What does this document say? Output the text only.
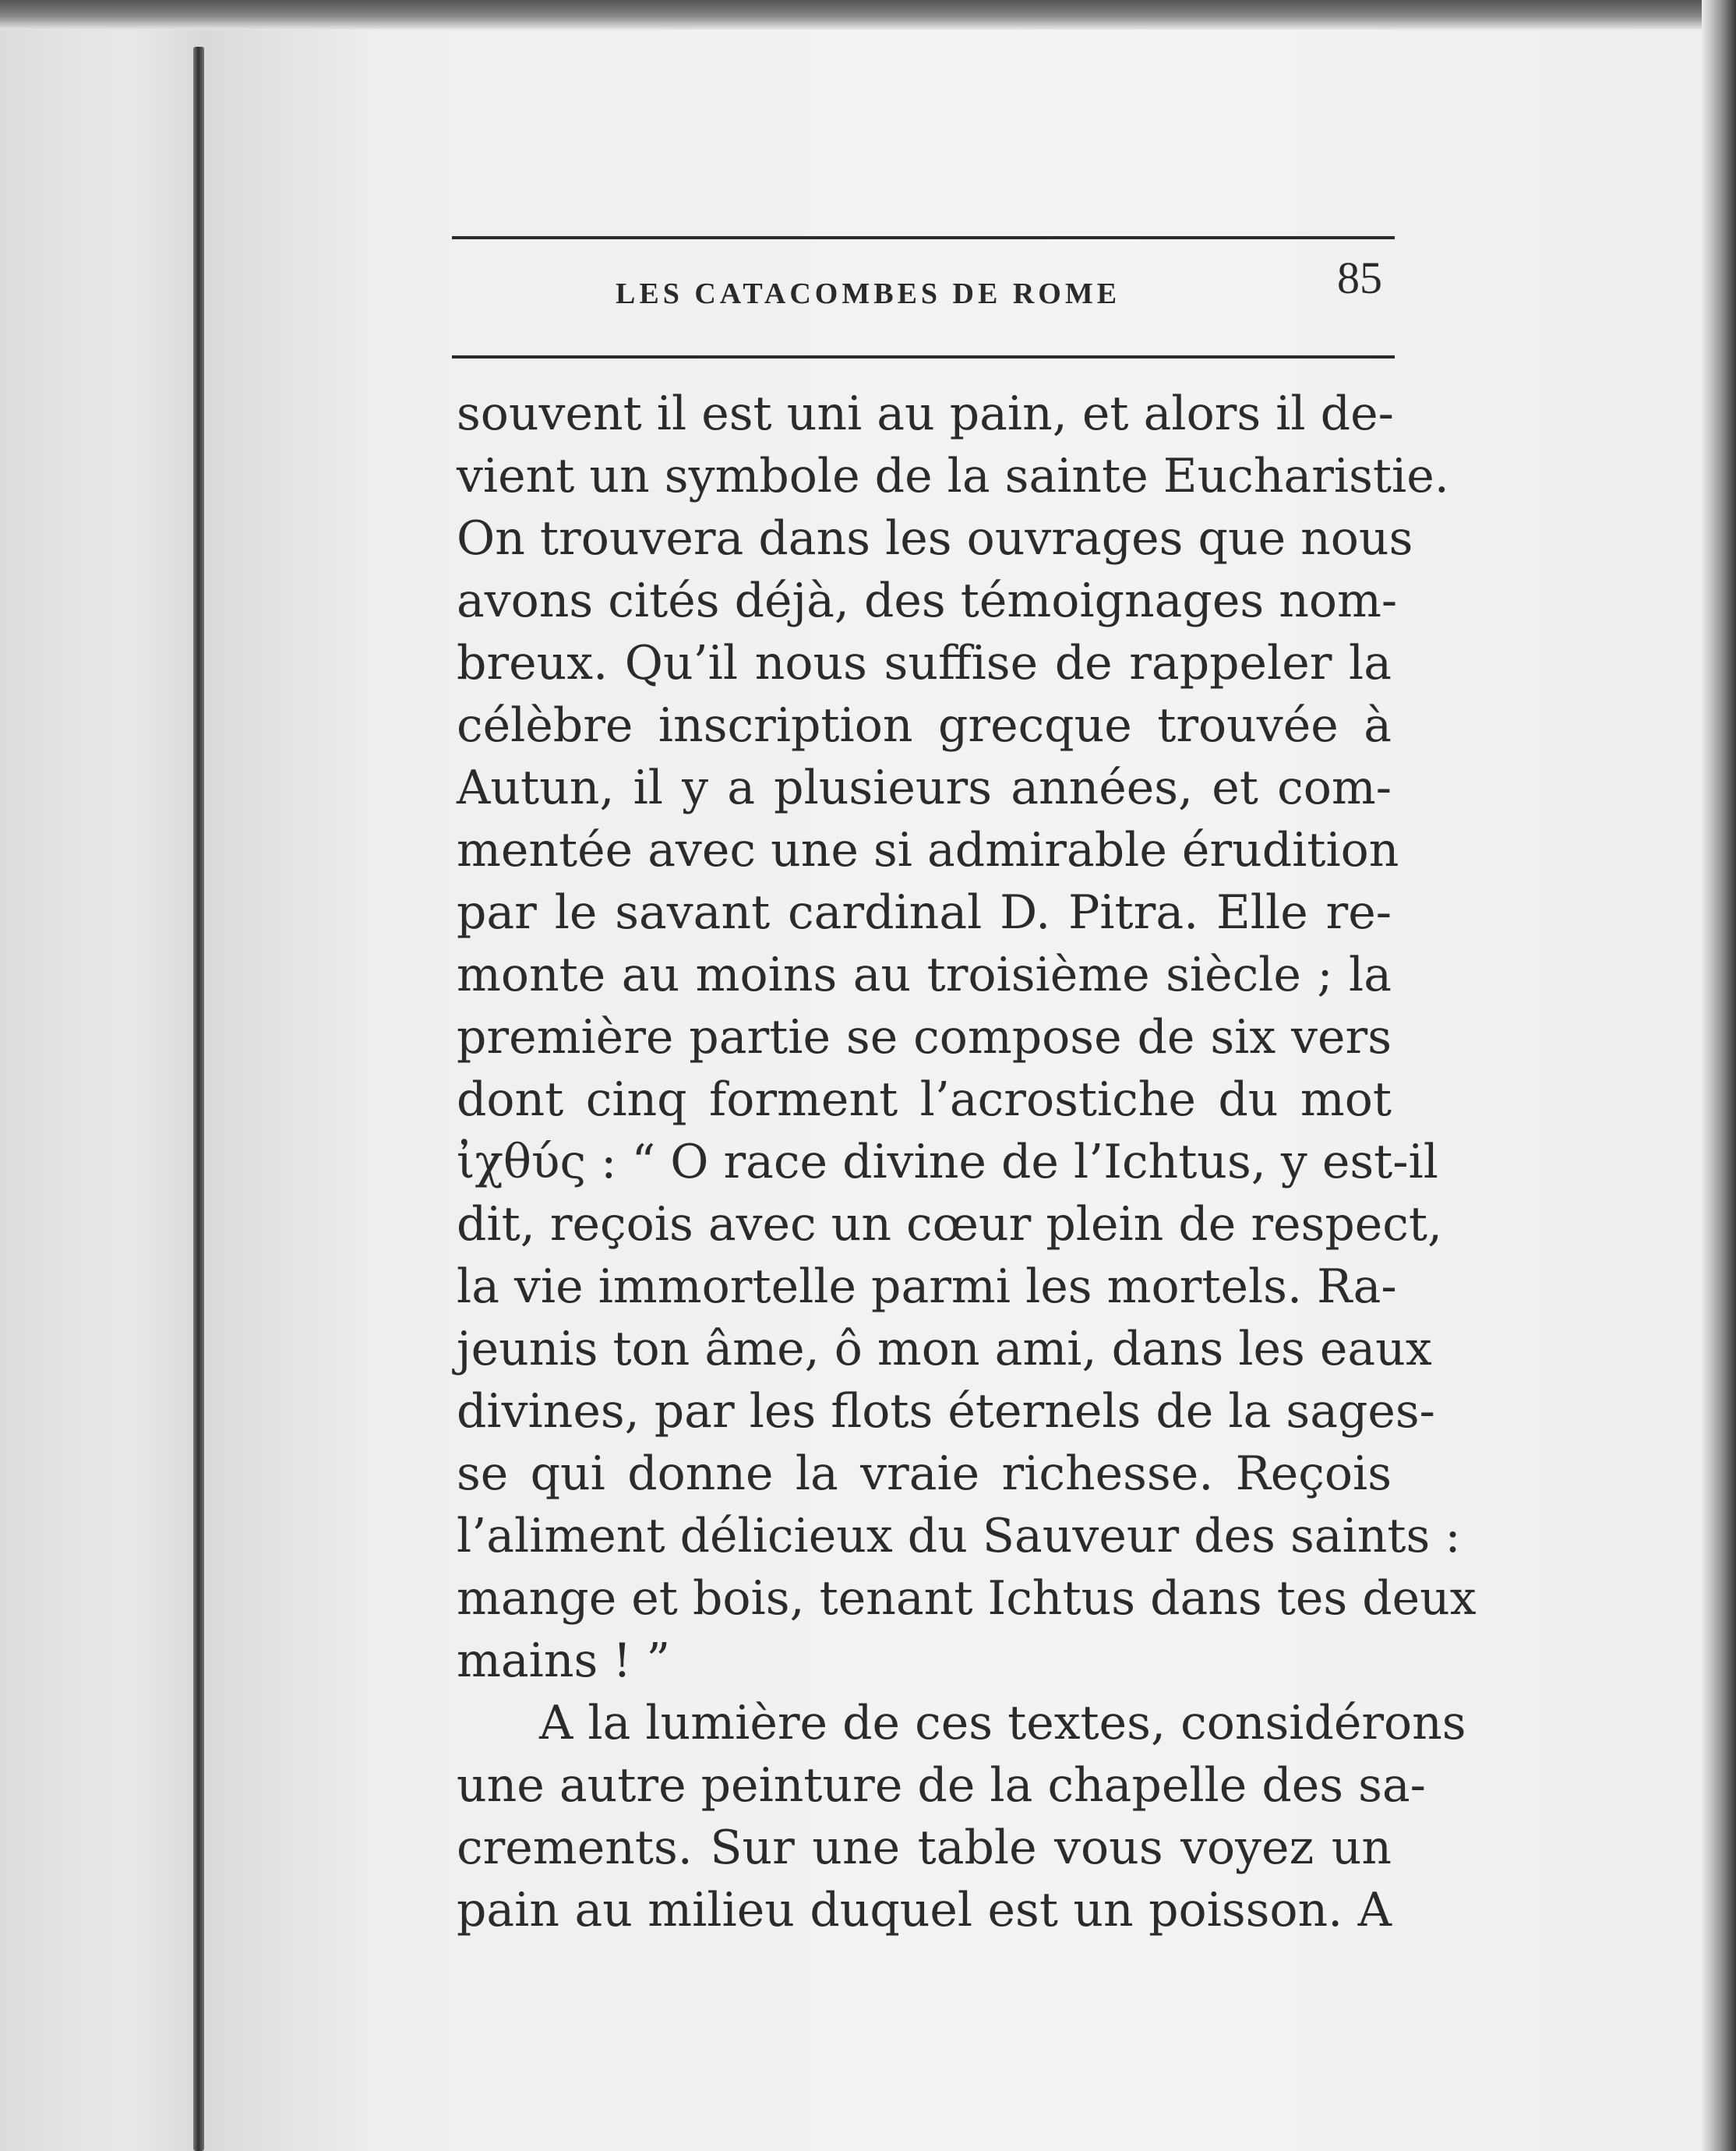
LES CATACOMBES DE ROME	85
souvent il est uni au pain, et alors il de-
vient un symbole de la sainte Eucharistie.
On trouvera dans les ouvrages que nous
avons cités déjà, des témoignages nom-
breux. Qu’il nous suffise de rappeler la
célèbre inscription grecque trouvée à
Autun, il y a plusieurs années, et com-
mentée avec une si admirable érudition
par le savant cardinal D. Pitra. Elle re-
monte au moins au troisième siècle ; la
première partie se compose de six vers
dont cinq forment l’acrostiche du mot
ἰχθύς : “ O race divine de l’Ichtus, y est-il
dit, reçois avec un cœur plein de respect,
la vie immortelle parmi les mortels. Ra-
jeunis ton âme, ô mon ami, dans les eaux
divines, par les flots éternels de la sages-
se qui donne la vraie richesse. Reçois
l’aliment délicieux du Sauveur des saints :
mange et bois, tenant Ichtus dans tes deux
mains ! ”
A la lumière de ces textes, considérons
une autre peinture de la chapelle des sa-
crements. Sur une table vous voyez un
pain au milieu duquel est un poisson. A
